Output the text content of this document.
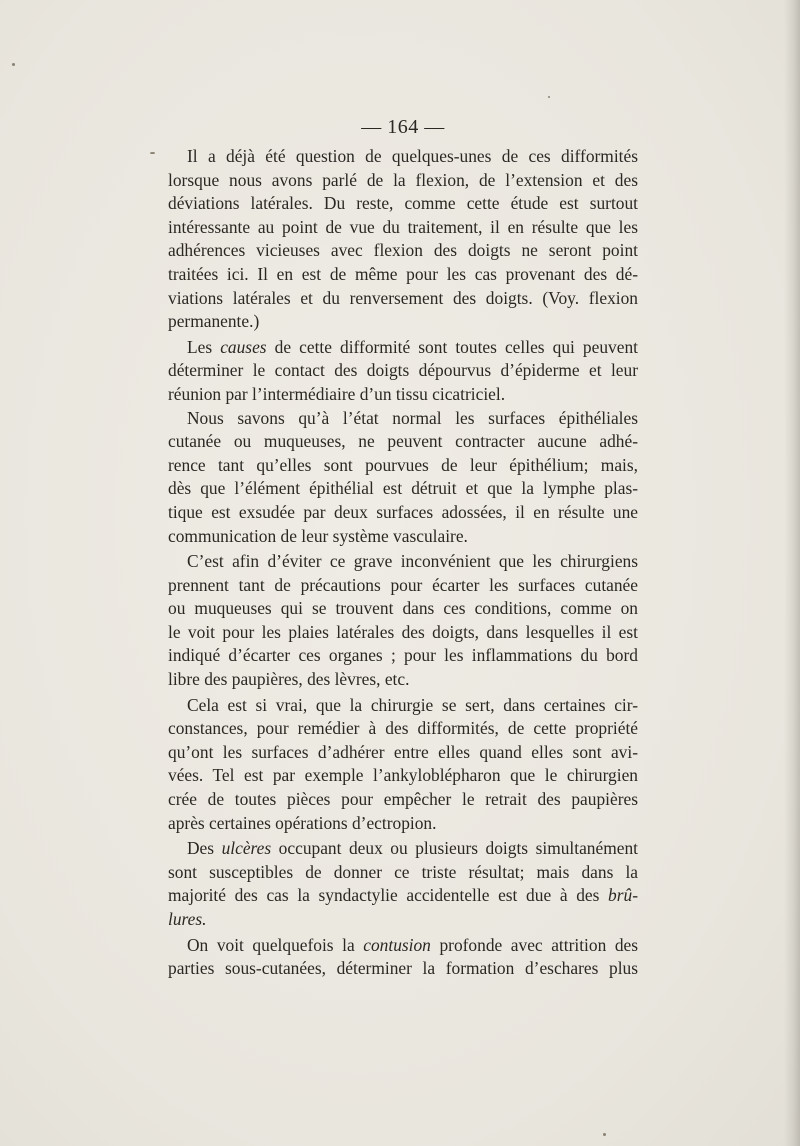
— 164 —
Il a déjà été question de quelques-unes de ces difformités
lorsque nous avons parlé de la flexion, de l’extension et des
déviations latérales. Du reste, comme cette étude est surtout
intéressante au point de vue du traitement, il en résulte que les
adhérences vicieuses avec flexion des doigts ne seront point
traitées ici. Il en est de même pour les cas provenant des dé-
viations latérales et du renversement des doigts. (Voy. flexion
permanente.)
Les causes de cette difformité sont toutes celles qui peuvent
déterminer le contact des doigts dépourvus d’épiderme et leur
réunion par l’intermédiaire d’un tissu cicatriciel.
Nous savons qu’à l’état normal les surfaces épithéliales
cutanée ou muqueuses, ne peuvent contracter aucune adhé-
rence tant qu’elles sont pourvues de leur épithélium; mais,
dès que l’élément épithélial est détruit et que la lymphe plas-
tique est exsudée par deux surfaces adossées, il en résulte une
communication de leur système vasculaire.
C’est afin d’éviter ce grave inconvénient que les chirurgiens
prennent tant de précautions pour écarter les surfaces cutanée
ou muqueuses qui se trouvent dans ces conditions, comme on
le voit pour les plaies latérales des doigts, dans lesquelles il est
indiqué d’écarter ces organes ; pour les inflammations du bord
libre des paupières, des lèvres, etc.
Cela est si vrai, que la chirurgie se sert, dans certaines cir-
constances, pour remédier à des difformités, de cette propriété
qu’ont les surfaces d’adhérer entre elles quand elles sont avi-
vées. Tel est par exemple l’ankyloblépharon que le chirurgien
crée de toutes pièces pour empêcher le retrait des paupières
après certaines opérations d’ectropion.
Des ulcères occupant deux ou plusieurs doigts simultanément
sont susceptibles de donner ce triste résultat; mais dans la
majorité des cas la syndactylie accidentelle est due à des brû-
lures.
On voit quelquefois la contusion profonde avec attrition des
parties sous-cutanées, déterminer la formation d’eschares plus
